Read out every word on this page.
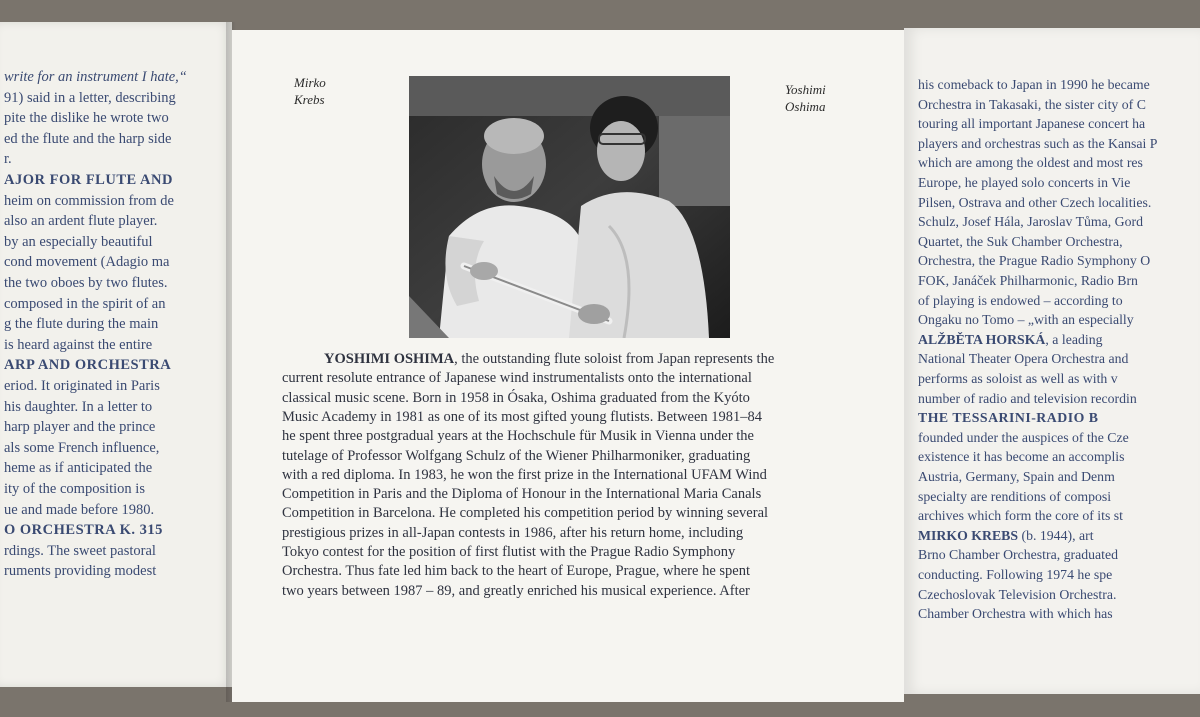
write for an instrument I hate,“
91) said in a letter, describing
pite the dislike he wrote two
ed the flute and the harp side
r.
AJOR FOR FLUTE AND
heim on commission from de
also an ardent flute player.
by an especially beautiful
cond movement (Adagio ma
the two oboes by two flutes.
composed in the spirit of an
g the flute during the main
is heard against the entire
ARP AND ORCHESTRA
eriod. It originated in Paris
his daughter. In a letter to
harp player and the prince
als some French influence,
heme as if anticipated the
ity of the composition is
ue and made before 1980.
O ORCHESTRA K. 315
rdings. The sweet pastoral
ruments providing modest
Mirko
Krebs
Yoshimi
Oshima
YOSHIMI OSHIMA, the outstanding flute soloist from Japan represents the
current resolute entrance of Japanese wind instrumentalists onto the international
classical music scene. Born in 1958 in Ósaka, Oshima graduated from the Kyóto
Music Academy in 1981 as one of its most gifted young flutists. Between 1981–84
he spent three postgradual years at the Hochschule für Musik in Vienna under the
tutelage of Professor Wolfgang Schulz of the Wiener Philharmoniker, graduating
with a red diploma. In 1983, he won the first prize in the International UFAM Wind
Competition in Paris and the Diploma of Honour in the International Maria Canals
Competition in Barcelona. He completed his competition period by winning several
prestigious prizes in all-Japan contests in 1986, after his return home, including
Tokyo contest for the position of first flutist with the Prague Radio Symphony
Orchestra. Thus fate led him back to the heart of Europe, Prague, where he spent
two years between 1987 – 89, and greatly enriched his musical experience. After
his comeback to Japan in 1990 he became
Orchestra in Takasaki, the sister city of C
touring all important Japanese concert ha
players and orchestras such as the Kansai P
which are among the oldest and most res
Europe, he played solo concerts in Vie
Pilsen, Ostrava and other Czech localities.
Schulz, Josef Hála, Jaroslav Tůma, Gord
Quartet, the Suk Chamber Orchestra,
Orchestra, the Prague Radio Symphony O
FOK, Janáček Philharmonic, Radio Brn
of playing is endowed – according to
Ongaku no Tomo – „with an especially
ALŽBĚTA HORSKÁ, a leading
National Theater Opera Orchestra and
performs as soloist as well as with v
number of radio and television recordin
THE TESSARINI-RADIO B
founded under the auspices of the Cze
existence it has become an accomplis
Austria, Germany, Spain and Denm
specialty are renditions of composi
archives which form the core of its st
MIRKO KREBS (b. 1944), art
Brno Chamber Orchestra, graduated
conducting. Following 1974 he spe
Czechoslovak Television Orchestra.
Chamber Orchestra with which has
